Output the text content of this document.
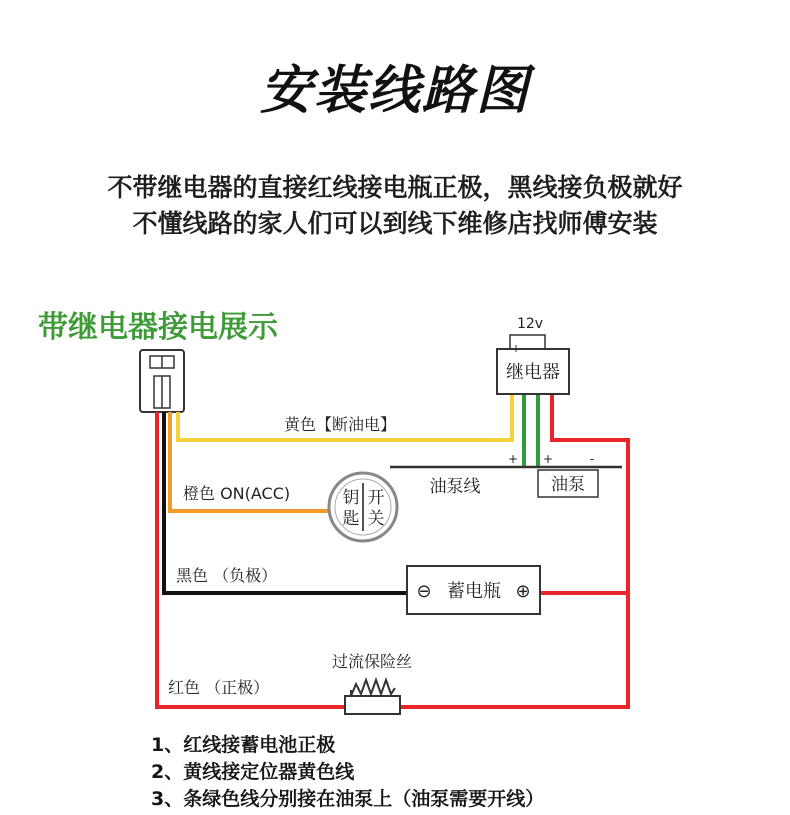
安装线路图
不带继电器的直接红线接电瓶正极，黑线接负极就好
不懂线路的家人们可以到线下维修店找师傅安装
带继电器接电展示	12v
继电器
+ +	-
油泵线	油泵
黄色【断油电】
橙色 ON(ACC)
黑色 （负极）
红色 （正极）
钥
匙
开
关
⊖ 蓄电瓶 ⊕
过流保险丝
1、红线接蓄电池正极
2、黄线接定位器黄色线
3、条绿色线分别接在油泵上（油泵需要开线）
